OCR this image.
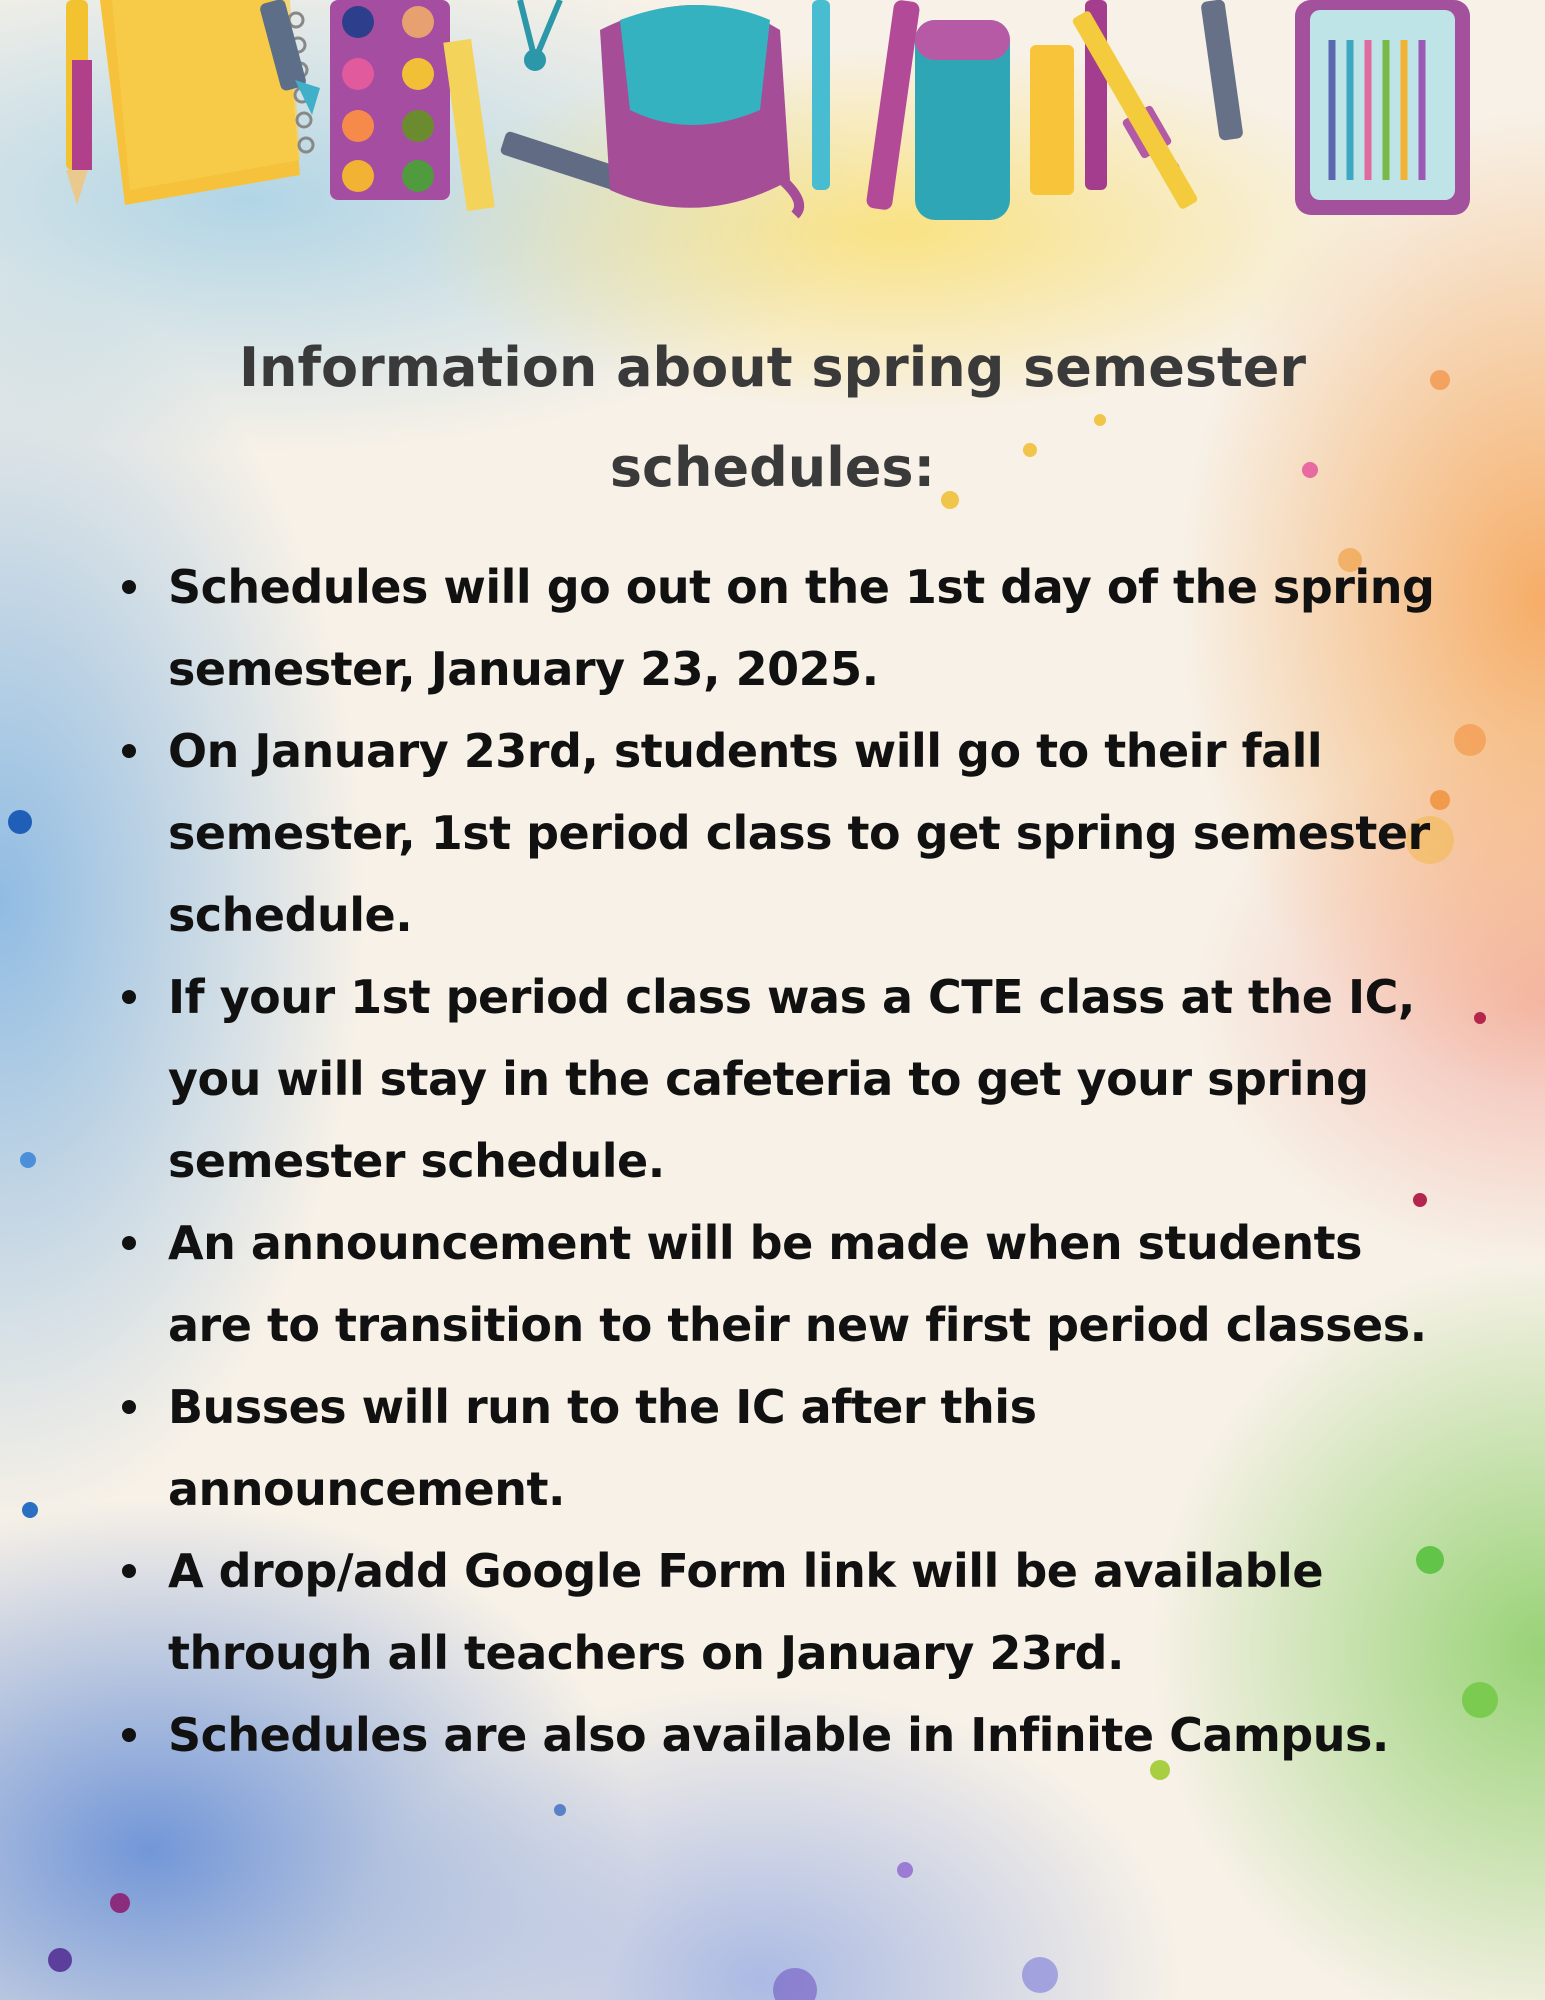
Information about spring semester schedules:
Schedules will go out on the 1st day of the spring semester, January 23, 2025.
On January 23rd, students will go to their fall semester, 1st period class to get spring semester schedule.
If your 1st period class was a CTE class at the IC, you will stay in the cafeteria to get your spring semester schedule.
An announcement will be made when students are to transition to their new first period classes.
Busses will run to the IC after this announcement.
A drop/add Google Form link will be available through all teachers on January 23rd.
Schedules are also available in Infinite Campus.
